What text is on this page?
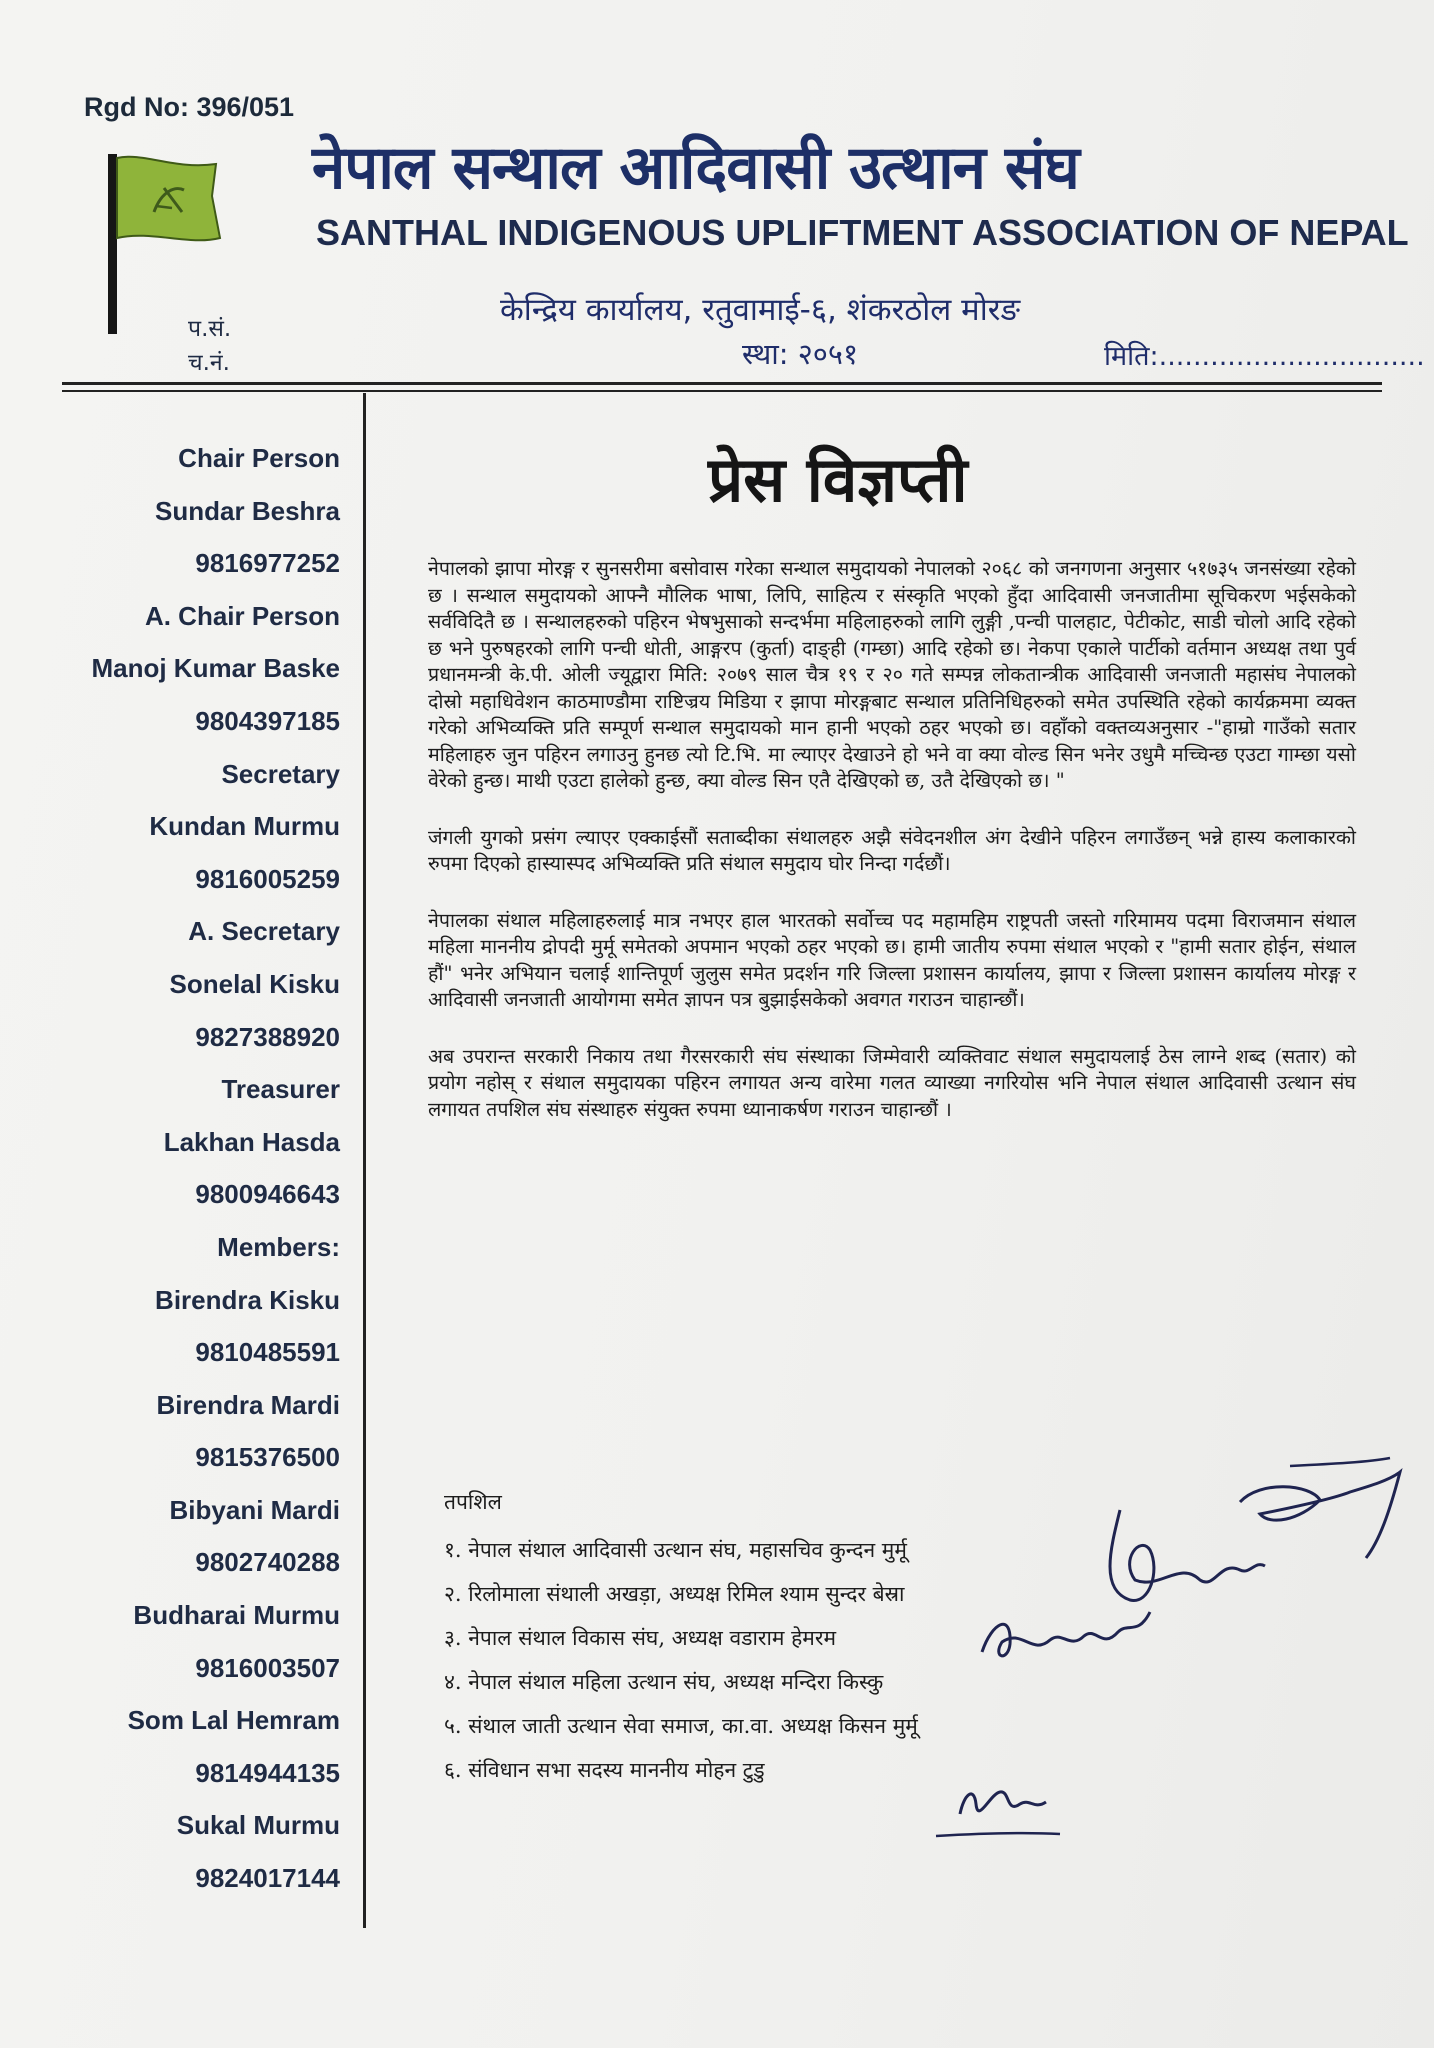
Rgd No: 396/051
प.सं.
च.नं.
नेपाल सन्थाल आदिवासी उत्थान संघ
SANTHAL INDIGENOUS UPLIFTMENT ASSOCIATION OF NEPAL
केन्द्रिय कार्यालय, रतुवामाई-६, शंकरठोल मोरङ
स्था: २०५१	मिति:...............................
Chair Person
Sundar Beshra
9816977252
A. Chair Person
Manoj Kumar Baske
9804397185
Secretary
Kundan Murmu
9816005259
A. Secretary
Sonelal Kisku
9827388920
Treasurer
Lakhan Hasda
9800946643
Members:
Birendra Kisku
9810485591
Birendra Mardi
9815376500
Bibyani Mardi
9802740288
Budharai Murmu
9816003507
Som Lal Hemram
9814944135
Sukal Murmu
9824017144
प्रेस विज्ञप्ती

नेपालको झापा मोरङ्ग र सुनसरीमा बसोवास गरेका सन्थाल समुदायको नेपालको २०६८ को जनगणना अनुसार ५१७३५ जनसंख्या रहेको छ । सन्थाल समुदायको आफ्नै मौलिक भाषा, लिपि, साहित्य र संस्कृति भएको हुँदा आदिवासी जनजातीमा सूचिकरण भईसकेको सर्वविदितै छ । सन्थालहरुको पहिरन भेषभुसाको सन्दर्भमा महिलाहरुको लागि लुङ्गी ,पन्ची पालहाट, पेटीकोट, साडी चोलो आदि रहेको छ भने पुरुषहरको लागि पन्ची धोती, आङ्गरप (कुर्ता) दाङ्ही (गम्छा) आदि रहेको छ। नेकपा एकाले पार्टीको वर्तमान अध्यक्ष तथा पुर्व प्रधानमन्त्री के.पी. ओली ज्यूद्वारा मिति: २०७९ साल चैत्र १९ र २० गते सम्पन्न लोकतान्त्रीक आदिवासी जनजाती महासंघ नेपालको दोस्रो महाधिवेशन काठमाण्डौमा राष्टिज्रय मिडिया र झापा मोरङ्गबाट सन्थाल प्रतिनिधिहरुको समेत उपस्थिति रहेको कार्यक्रममा व्यक्त गरेको अभिव्यक्ति प्रति सम्पूर्ण सन्थाल समुदायको मान हानी भएको ठहर भएको छ। वहाँको वक्तव्यअनुसार -"हाम्रो गाउँको सतार महिलाहरु जुन पहिरन लगाउनु हुनछ त्यो टि.भि. मा ल्याएर देखाउने हो भने वा क्या वोल्ड सिन भनेर उधुमै मच्चिन्छ एउटा गाम्छा यसो वेरेको हुन्छ। माथी एउटा हालेको हुन्छ, क्या वोल्ड सिन एतै देखिएको छ, उतै देखिएको छ। "

जंगली युगको प्रसंग ल्याएर एक्काईसौं सताब्दीका संथालहरु अझै संवेदनशील अंग देखीने पहिरन लगाउँछन् भन्ने हास्य कलाकारको रुपमा दिएको हास्यास्पद अभिव्यक्ति प्रति संथाल समुदाय घोर निन्दा गर्दछौं।

नेपालका संथाल महिलाहरुलाई मात्र नभएर हाल भारतको सर्वोच्च पद महामहिम राष्ट्रपती जस्तो गरिमामय पदमा विराजमान संथाल महिला माननीय द्रोपदी मुर्मू समेतको अपमान भएको ठहर भएको छ। हामी जातीय रुपमा संथाल भएको र "हामी सतार होईन, संथाल हौं" भनेर अभियान चलाई शान्तिपूर्ण जुलुस समेत प्रदर्शन गरि जिल्ला प्रशासन कार्यालय, झापा र जिल्ला प्रशासन कार्यालय मोरङ्ग र आदिवासी जनजाती आयोगमा समेत ज्ञापन पत्र बुझाईसकेको अवगत गराउन चाहान्छौं।

अब उपरान्त सरकारी निकाय तथा गैरसरकारी संघ संस्थाका जिम्मेवारी व्यक्तिवाट संथाल समुदायलाई ठेस लाग्ने शब्द (सतार) को प्रयोग नहोस् र संथाल समुदायका पहिरन लगायत अन्य वारेमा गलत व्याख्या नगरियोस भनि नेपाल संथाल आदिवासी उत्थान संघ लगायत तपशिल संघ संस्थाहरु संयुक्त रुपमा ध्यानाकर्षण गराउन चाहान्छौं ।

तपशिल
१. नेपाल संथाल आदिवासी उत्थान संघ, महासचिव कुन्दन मुर्मू
२. रिलोमाला संथाली अखड़ा, अध्यक्ष रिमिल श्याम सुन्दर बेस्रा
३. नेपाल संथाल विकास संघ, अध्यक्ष वडाराम हेमरम
४. नेपाल संथाल महिला उत्थान संघ, अध्यक्ष मन्दिरा किस्कु
५. संथाल जाती उत्थान सेवा समाज, का.वा. अध्यक्ष किसन मुर्मू
६. संविधान सभा सदस्य माननीय मोहन टुडु
